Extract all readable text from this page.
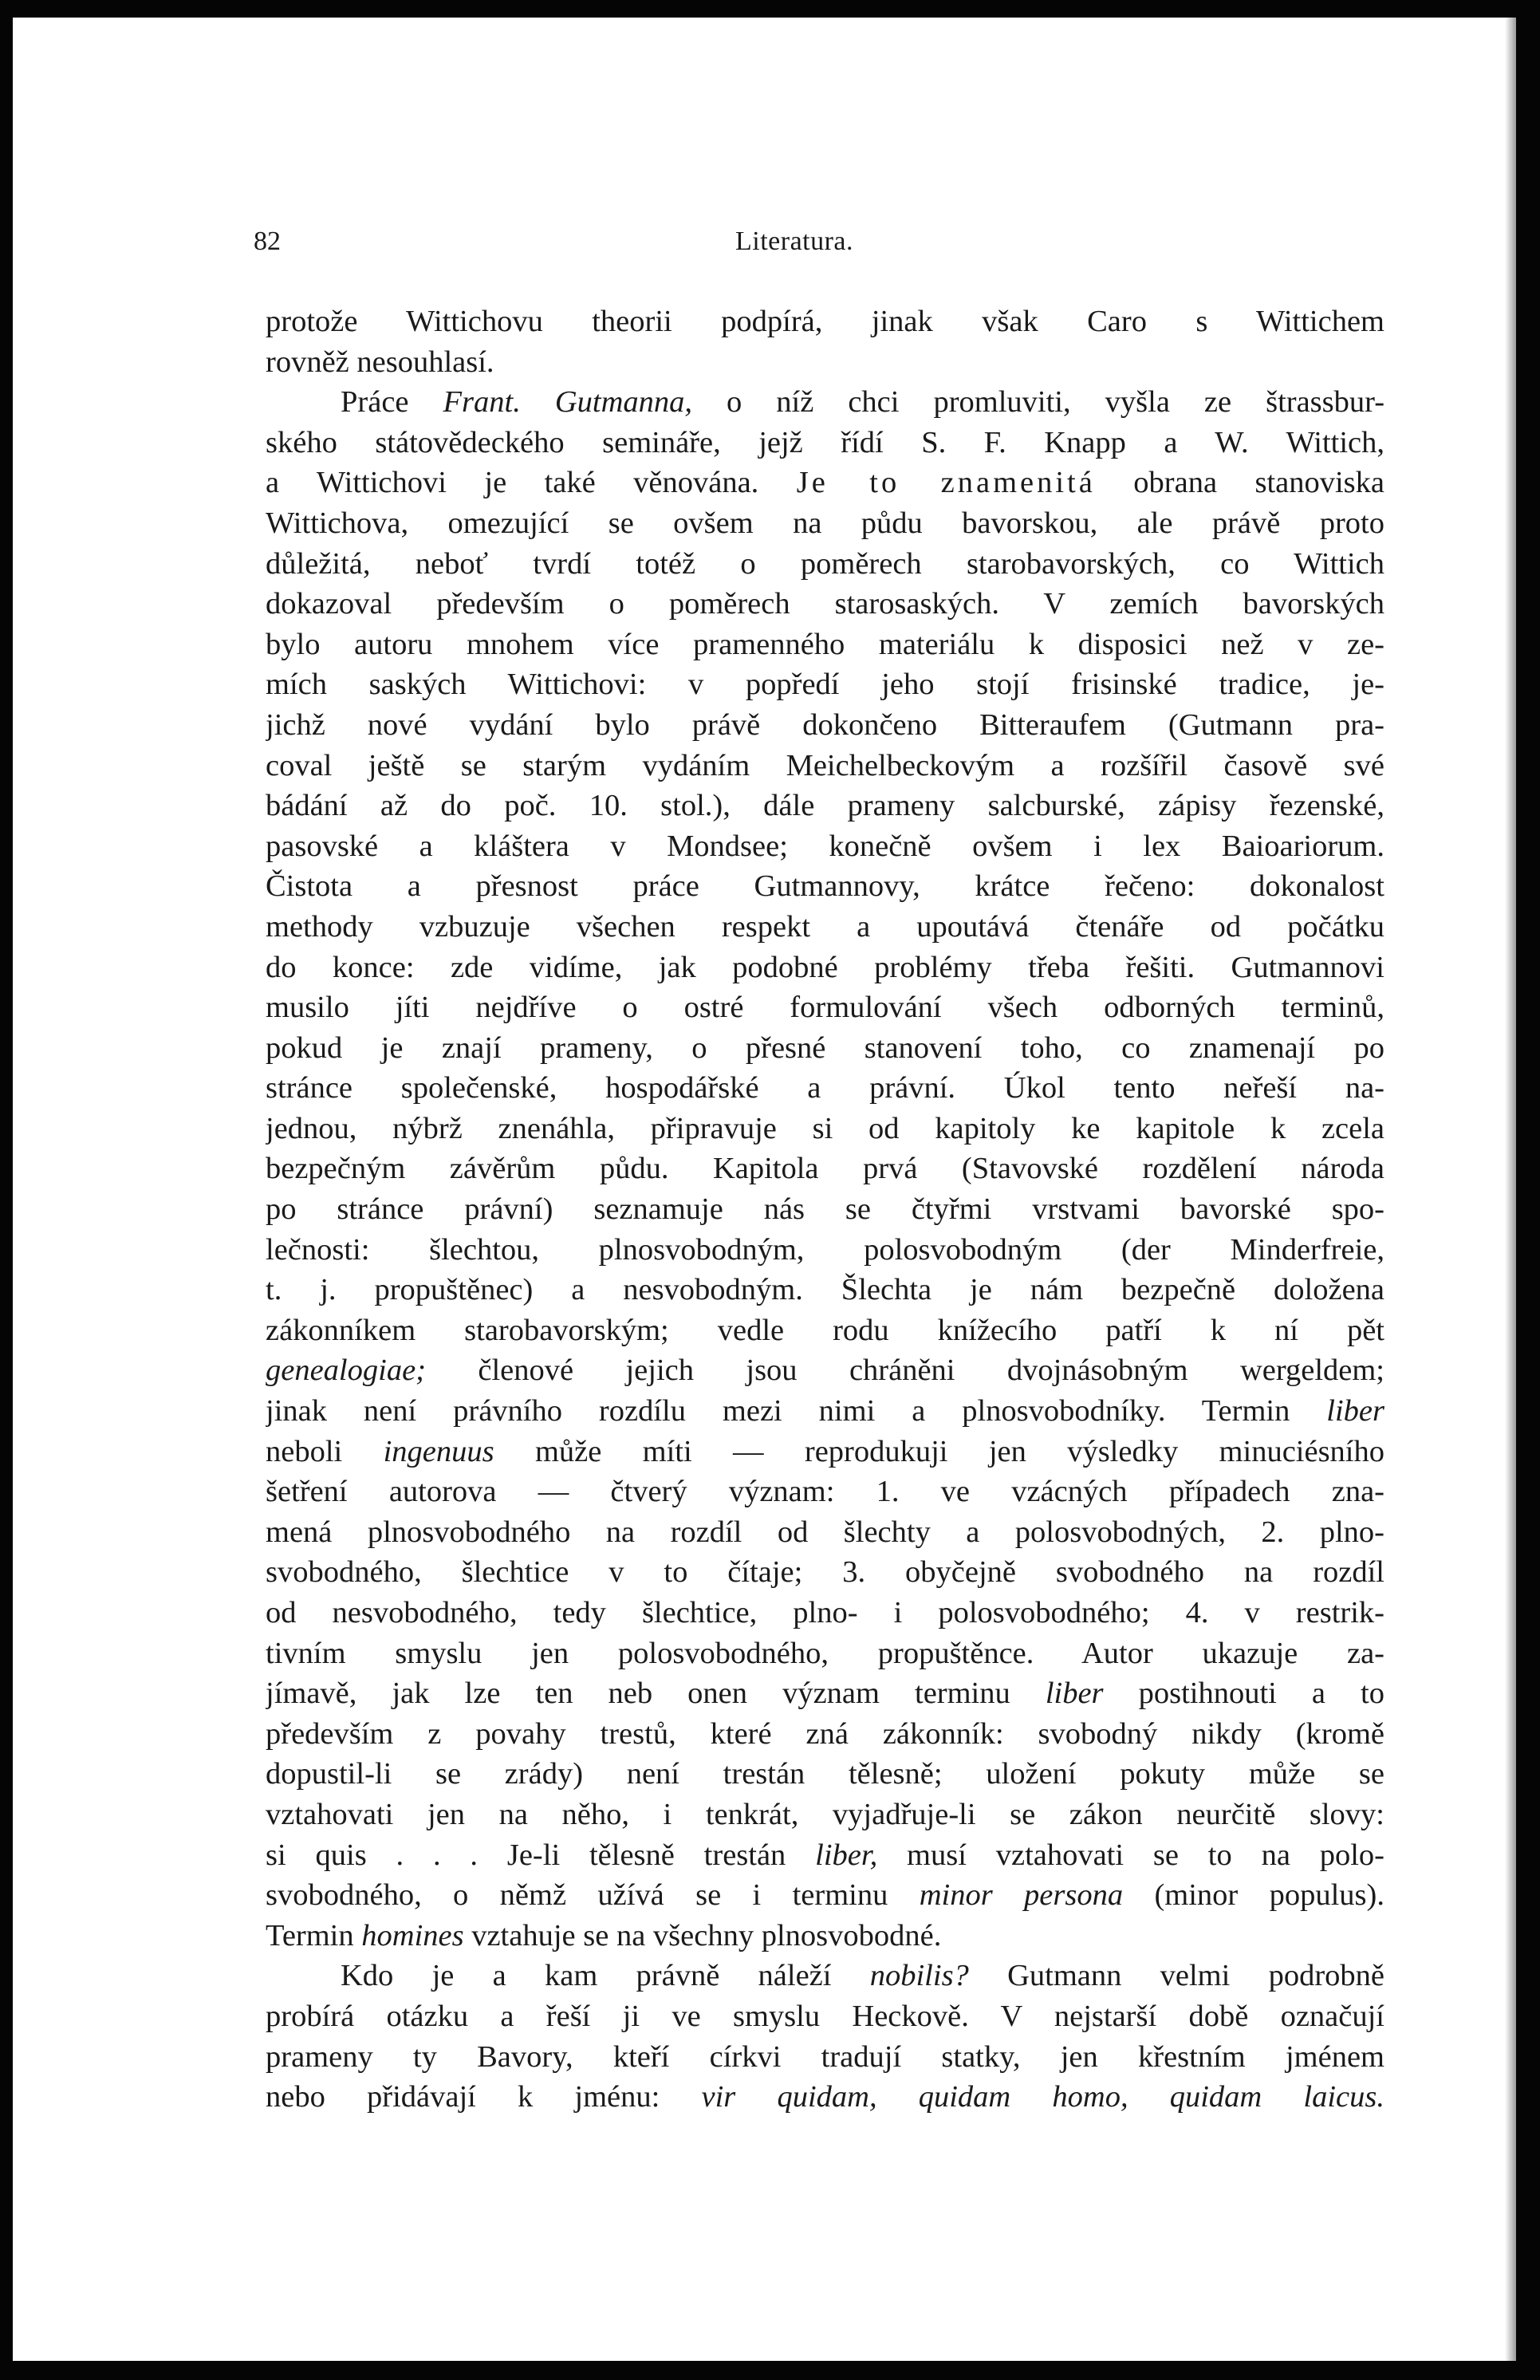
82	Literatura.
protože Wittichovu theorii podpírá, jinak však Caro s Wittichem
rovněž nesouhlasí.
Práce Frant. Gutmanna, o níž chci promluviti, vyšla ze štrassbur-
ského státovědeckého semináře, jejž řídí S. F. Knapp a W. Wittich,
a Wittichovi je také věnována. Je to znamenitá obrana stanoviska
Wittichova, omezující se ovšem na půdu bavorskou, ale právě proto
důležitá, neboť tvrdí totéž o poměrech starobavorských, co Wittich
dokazoval především o poměrech starosaských. V zemích bavorských
bylo autoru mnohem více pramenného materiálu k disposici než v ze-
mích saských Wittichovi: v popředí jeho stojí frisinské tradice, je-
jichž nové vydání bylo právě dokončeno Bitteraufem (Gutmann pra-
coval ještě se starým vydáním Meichelbeckovým a rozšířil časově své
bádání až do poč. 10. stol.), dále prameny salcburské, zápisy řezenské,
pasovské a kláštera v Mondsee; konečně ovšem i lex Baioariorum.
Čistota a přesnost práce Gutmannovy, krátce řečeno: dokonalost
methody vzbuzuje všechen respekt a upoutává čtenáře od počátku
do konce: zde vidíme, jak podobné problémy třeba řešiti. Gutmannovi
musilo jíti nejdříve o ostré formulování všech odborných terminů,
pokud je znají prameny, o přesné stanovení toho, co znamenají po
stránce společenské, hospodářské a právní. Úkol tento neřeší na-
jednou, nýbrž znenáhla, připravuje si od kapitoly ke kapitole k zcela
bezpečným závěrům půdu. Kapitola prvá (Stavovské rozdělení národa
po stránce právní) seznamuje nás se čtyřmi vrstvami bavorské spo-
lečnosti: šlechtou, plnosvobodným, polosvobodným (der Minderfreie,
t. j. propuštěnec) a nesvobodným. Šlechta je nám bezpečně doložena
zákonníkem starobavorským; vedle rodu knížecího patří k ní pět
genealogiae; členové jejich jsou chráněni dvojnásobným wergeldem;
jinak není právního rozdílu mezi nimi a plnosvobodníky. Termin liber
neboli ingenuus může míti — reprodukuji jen výsledky minuciésního
šetření autorova — čtverý význam: 1. ve vzácných případech zna-
mená plnosvobodného na rozdíl od šlechty a polosvobodných, 2. plno-
svobodného, šlechtice v to čítaje; 3. obyčejně svobodného na rozdíl
od nesvobodného, tedy šlechtice, plno- i polosvobodného; 4. v restrik-
tivním smyslu jen polosvobodného, propuštěnce. Autor ukazuje za-
jímavě, jak lze ten neb onen význam terminu liber postihnouti a to
především z povahy trestů, které zná zákonník: svobodný nikdy (kromě
dopustil-li se zrády) není trestán tělesně; uložení pokuty může se
vztahovati jen na něho, i tenkrát, vyjadřuje-li se zákon neurčitě slovy:
si quis . . . Je-li tělesně trestán liber, musí vztahovati se to na polo-
svobodného, o němž užívá se i terminu minor persona (minor populus).
Termin homines vztahuje se na všechny plnosvobodné.
Kdo je a kam právně náleží nobilis? Gutmann velmi podrobně
probírá otázku a řeší ji ve smyslu Heckově. V nejstarší době označují
prameny ty Bavory, kteří církvi tradují statky, jen křestním jménem
nebo přidávají k jménu: vir quidam, quidam homo, quidam laicus.
